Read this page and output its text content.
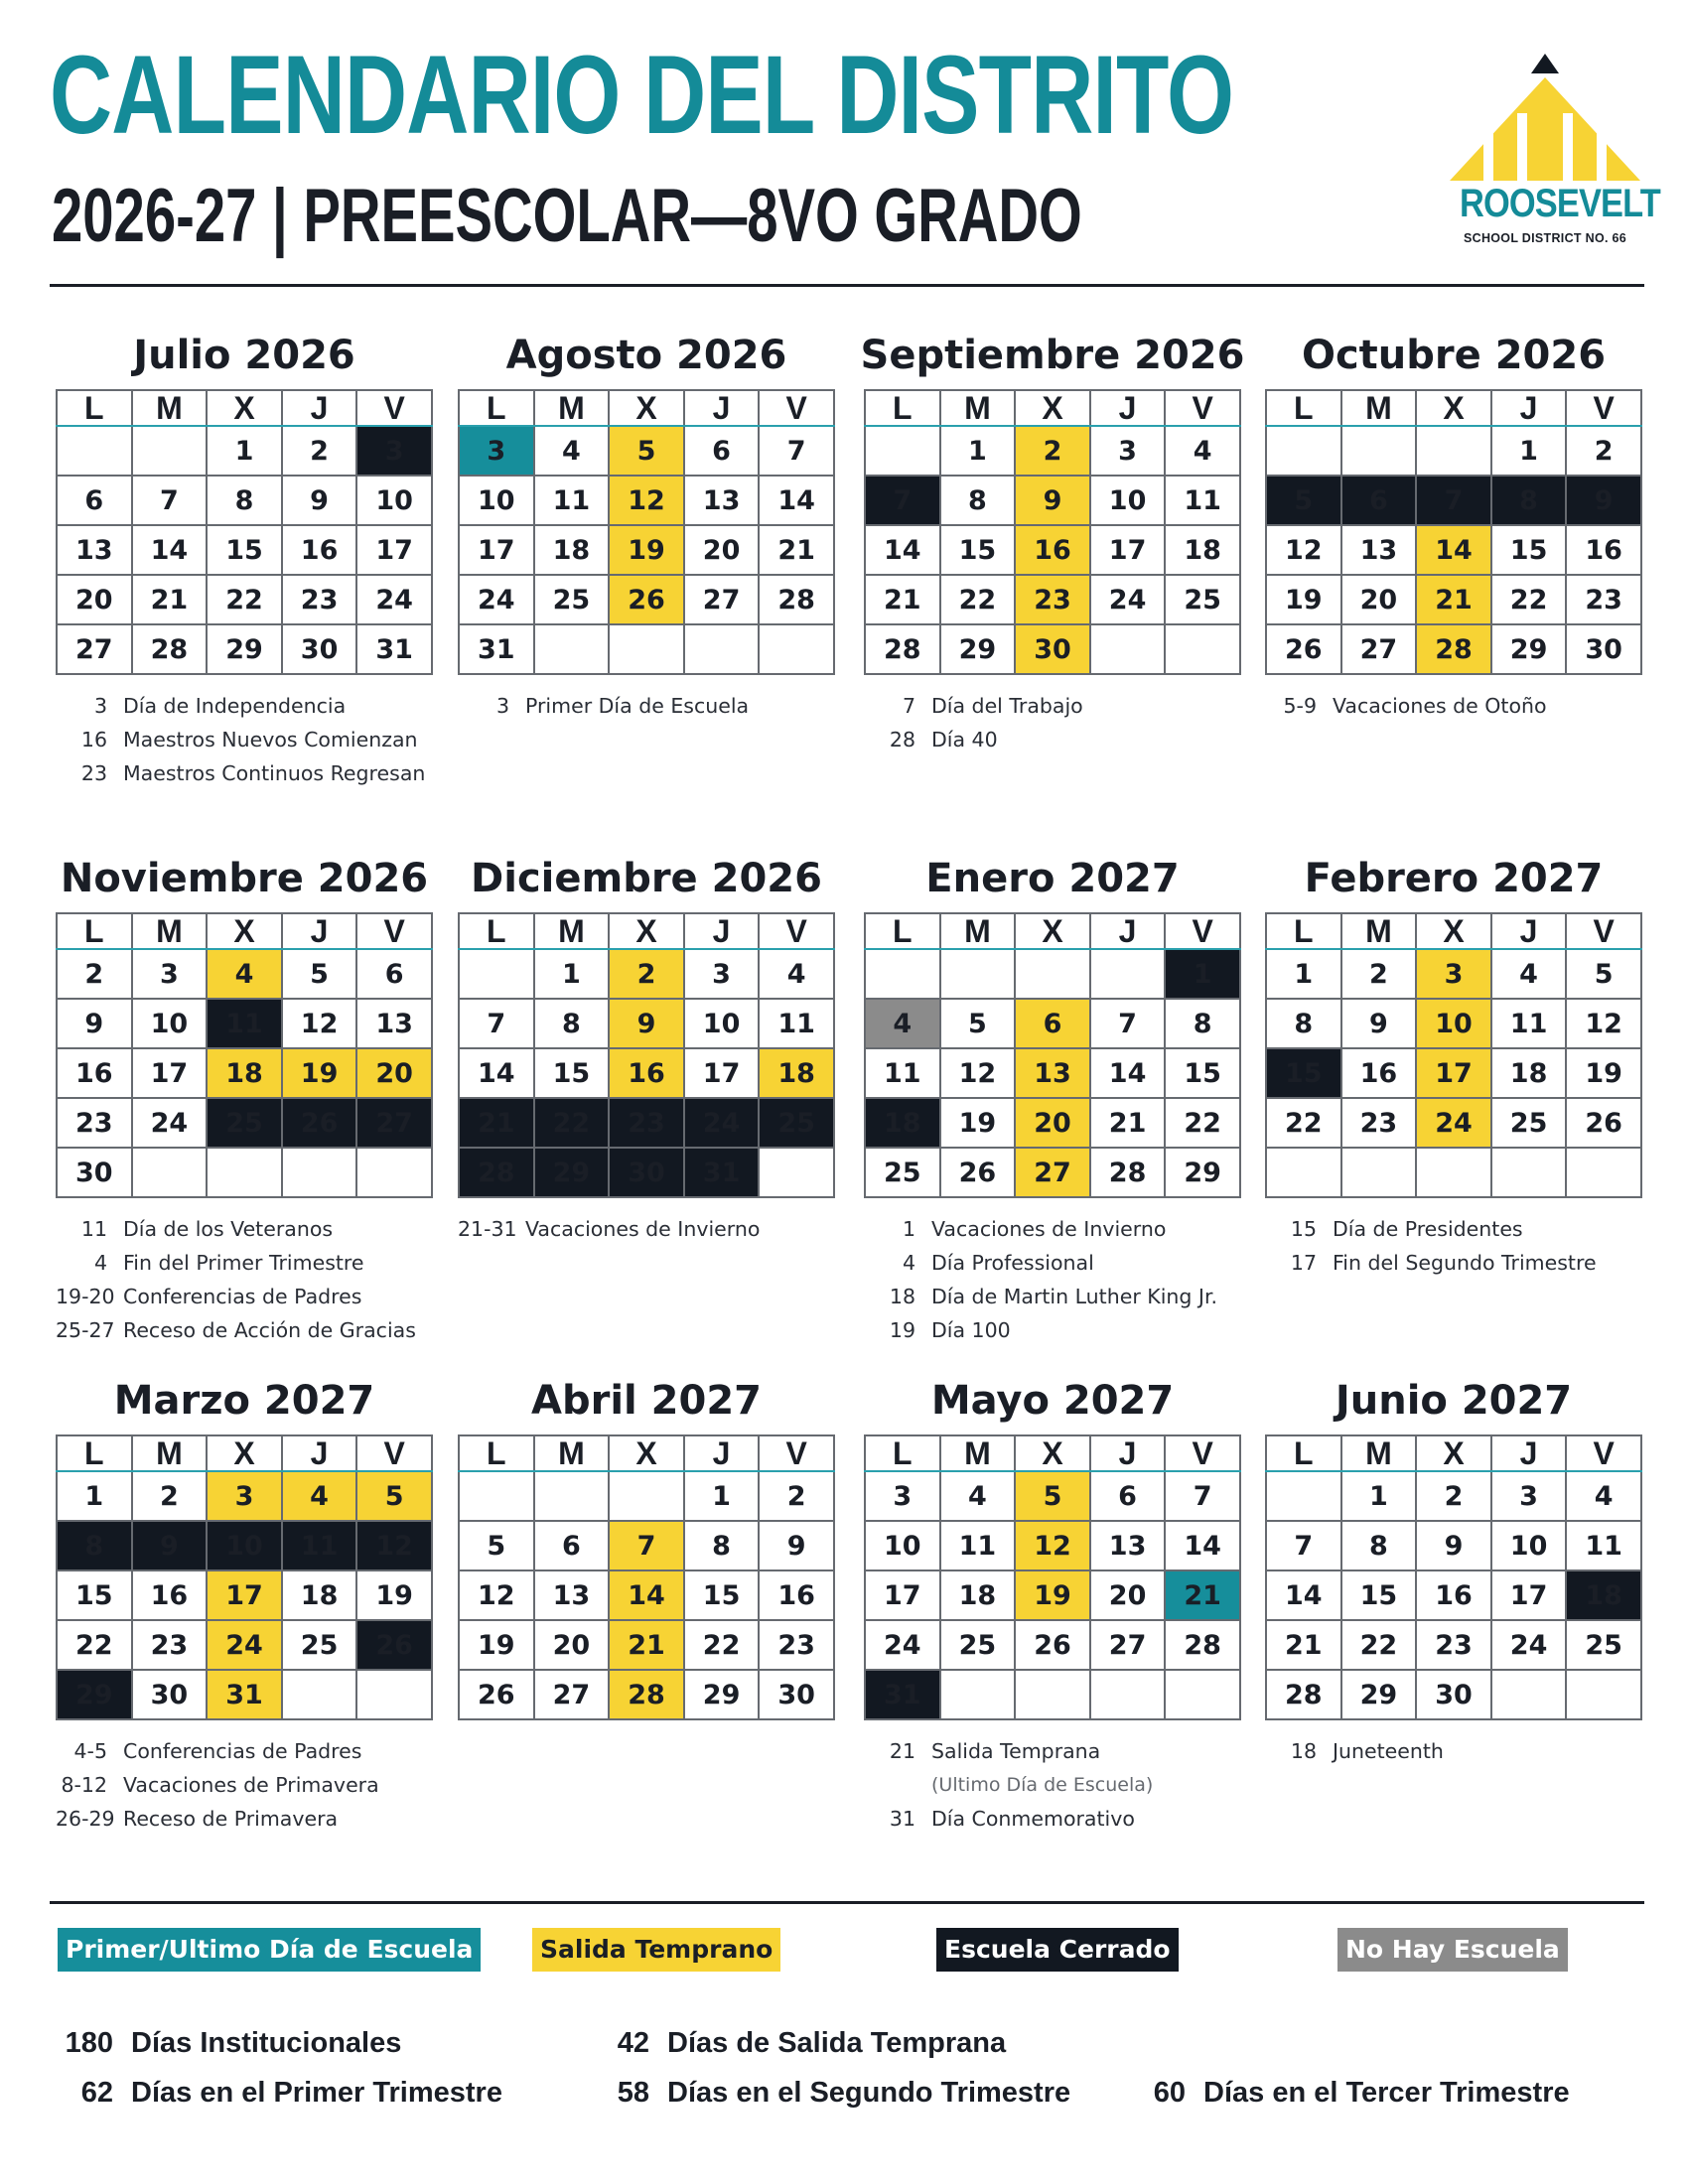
CALENDARIO DEL DISTRITO
2026-27 | PREESCOLAR—8VO GRADO	ROOSEVELT
SCHOOL DISTRICT NO. 66
Julio 2026
L	M	X	J	V
		1	2	3
6	7	8	9	10
13	14	15	16	17
20	21	22	23	24
27	28	29	30	31
3 Día de Independencia
16 Maestros Nuevos Comienzan
23 Maestros Continuos Regresan
Agosto 2026
L	M	X	J	V
3	4	5	6	7
10	11	12	13	14
17	18	19	20	21
24	25	26	27	28
31				
3 Primer Día de Escuela
Septiembre 2026
L	M	X	J	V
	1	2	3	4
7	8	9	10	11
14	15	16	17	18
21	22	23	24	25
28	29	30		
7 Día del Trabajo
28 Día 40
Octubre 2026
L	M	X	J	V
			1	2
5	6	7	8	9
12	13	14	15	16
19	20	21	22	23
26	27	28	29	30
5-9 Vacaciones de Otoño
Noviembre 2026
L	M	X	J	V
2	3	4	5	6
9	10	11	12	13
16	17	18	19	20
23	24	25	26	27
30				
11 Día de los Veteranos
4 Fin del Primer Trimestre
19-20 Conferencias de Padres
25-27 Receso de Acción de Gracias
Diciembre 2026
L	M	X	J	V
	1	2	3	4
7	8	9	10	11
14	15	16	17	18
21	22	23	24	25
28	29	30	31	
21-31 Vacaciones de Invierno
Enero 2027
L	M	X	J	V
				1
4	5	6	7	8
11	12	13	14	15
18	19	20	21	22
25	26	27	28	29
1 Vacaciones de Invierno
4 Día Professional
18 Día de Martin Luther King Jr.
19 Día 100
Febrero 2027
L	M	X	J	V
1	2	3	4	5
8	9	10	11	12
15	16	17	18	19
22	23	24	25	26

15 Día de Presidentes
17 Fin del Segundo Trimestre
Marzo 2027
L	M	X	J	V
1	2	3	4	5
8	9	10	11	12
15	16	17	18	19
22	23	24	25	26
29	30	31		
4-5 Conferencias de Padres
8-12 Vacaciones de Primavera
26-29 Receso de Primavera
Abril 2027
L	M	X	J	V
			1	2
5	6	7	8	9
12	13	14	15	16
19	20	21	22	23
26	27	28	29	30
Mayo 2027
L	M	X	J	V
3	4	5	6	7
10	11	12	13	14
17	18	19	20	21
24	25	26	27	28
31				
21 Salida Temprana
(Ultimo Día de Escuela)
31 Día Conmemorativo
Junio 2027
L	M	X	J	V
	1	2	3	4
7	8	9	10	11
14	15	16	17	18
21	22	23	24	25
28	29	30		
18 Juneteenth
Primer/Ultimo Día de Escuela	Salida Temprano	Escuela Cerrado	No Hay Escuela
180 Días Institucionales	42 Días de Salida Temprana
62 Días en el Primer Trimestre	58 Días en el Segundo Trimestre	60 Días en el Tercer Trimestre
